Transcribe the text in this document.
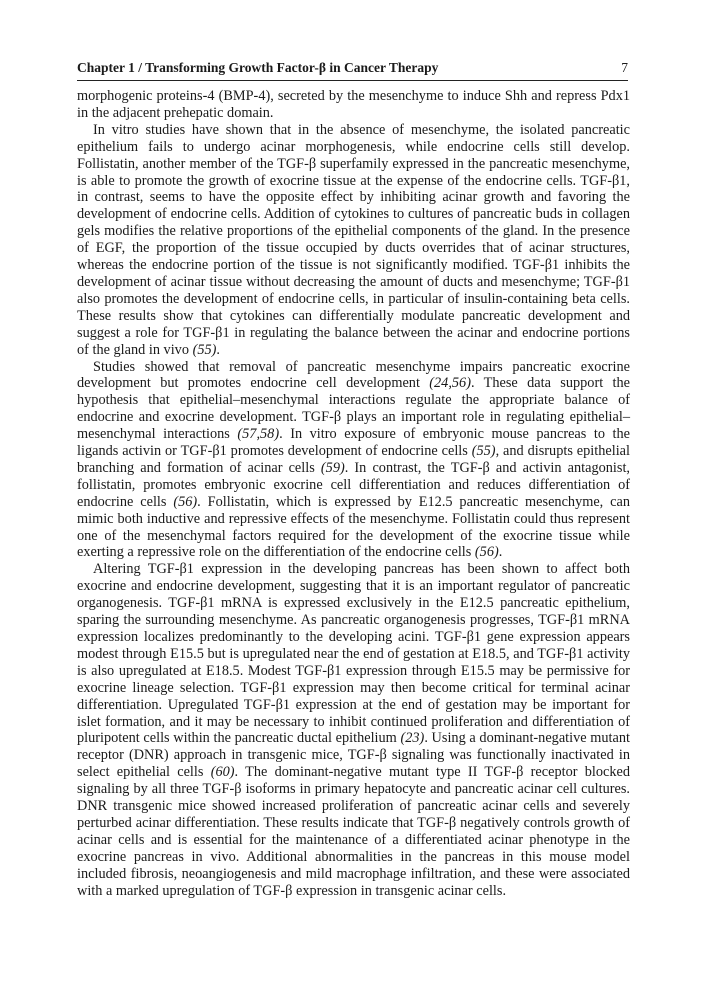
Chapter 1 / Transforming Growth Factor-β in Cancer Therapy	7

morphogenic proteins-4 (BMP-4), secreted by the mesenchyme to induce Shh and repress Pdx1 in the adjacent prehepatic domain.

In vitro studies have shown that in the absence of mesenchyme, the isolated pancreatic epithelium fails to undergo acinar morphogenesis, while endocrine cells still develop. Follistatin, another member of the TGF-β superfamily expressed in the pancreatic mesenchyme, is able to promote the growth of exocrine tissue at the expense of the endocrine cells. TGF-β1, in contrast, seems to have the opposite effect by inhibiting acinar growth and favoring the development of endocrine cells. Addition of cytokines to cultures of pancreatic buds in collagen gels modifies the relative proportions of the epithelial components of the gland. In the presence of EGF, the proportion of the tissue occupied by ducts overrides that of acinar structures, whereas the endocrine portion of the tissue is not significantly modified. TGF-β1 inhibits the development of acinar tissue without decreasing the amount of ducts and mesenchyme; TGF-β1 also promotes the development of endocrine cells, in particular of insulin-containing beta cells. These results show that cytokines can differentially modulate pancreatic development and suggest a role for TGF-β1 in regulating the balance between the acinar and endocrine portions of the gland in vivo (55).

Studies showed that removal of pancreatic mesenchyme impairs pancreatic exocrine development but promotes endocrine cell development (24,56). These data support the hypothesis that epithelial–mesenchymal interactions regulate the appropriate balance of endocrine and exocrine development. TGF-β plays an important role in regulating epithelial–mesenchymal interactions (57,58). In vitro exposure of embryonic mouse pancreas to the ligands activin or TGF-β1 promotes development of endocrine cells (55), and disrupts epithelial branching and formation of acinar cells (59). In contrast, the TGF-β and activin antagonist, follistatin, promotes embryonic exocrine cell differentiation and reduces differentiation of endocrine cells (56). Follistatin, which is expressed by E12.5 pancreatic mesenchyme, can mimic both inductive and repressive effects of the mesenchyme. Follistatin could thus represent one of the mesenchymal factors required for the development of the exocrine tissue while exerting a repressive role on the differentiation of the endocrine cells (56).

Altering TGF-β1 expression in the developing pancreas has been shown to affect both exocrine and endocrine development, suggesting that it is an important regulator of pancreatic organogenesis. TGF-β1 mRNA is expressed exclusively in the E12.5 pancreatic epithelium, sparing the surrounding mesenchyme. As pancreatic organogenesis progresses, TGF-β1 mRNA expression localizes predominantly to the developing acini. TGF-β1 gene expression appears modest through E15.5 but is upregulated near the end of gestation at E18.5, and TGF-β1 activity is also upregulated at E18.5. Modest TGF-β1 expression through E15.5 may be permissive for exocrine lineage selection. TGF-β1 expression may then become critical for terminal acinar differentiation. Upregulated TGF-β1 expression at the end of gestation may be important for islet formation, and it may be necessary to inhibit continued proliferation and differentiation of pluripotent cells within the pancreatic ductal epithelium (23). Using a dominant-negative mutant receptor (DNR) approach in transgenic mice, TGF-β signaling was functionally inactivated in select epithelial cells (60). The dominant-negative mutant type II TGF-β receptor blocked signaling by all three TGF-β isoforms in primary hepatocyte and pancreatic acinar cell cultures. DNR transgenic mice showed increased proliferation of pancreatic acinar cells and severely perturbed acinar differentiation. These results indicate that TGF-β negatively controls growth of acinar cells and is essential for the maintenance of a differentiated acinar phenotype in the exocrine pancreas in vivo. Additional abnormalities in the pancreas in this mouse model included fibrosis, neoangiogenesis and mild macrophage infiltration, and these were associated with a marked upregulation of TGF-β expression in transgenic acinar cells.
